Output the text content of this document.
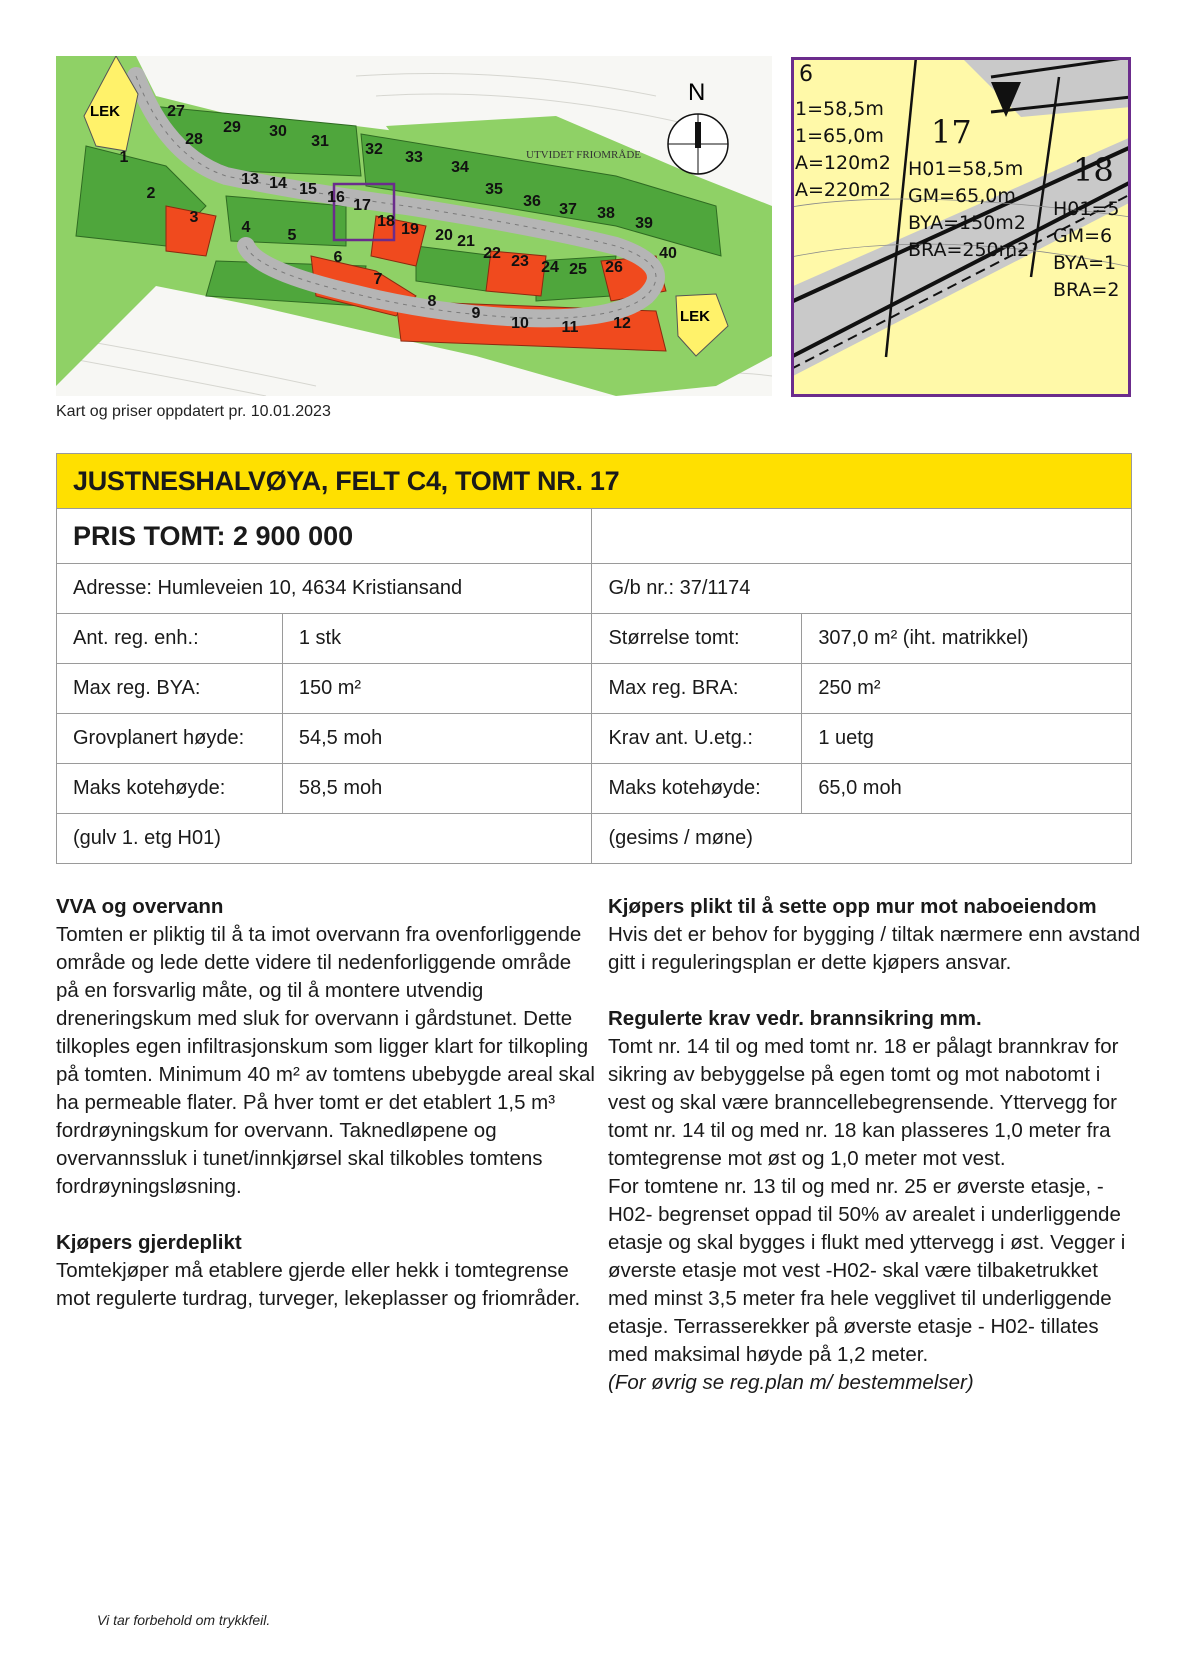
LEK
LEK
UTVIDET FRIOMRÅDE
N
1
2
4 5
13 14 15 16 17
19 20 21
24 25
27
28
29 30
31 32 33
34
35
36 37 38
39
40
3
6
7
8
9
10 11 12
18
22 23	26
6
1=58,5m
1=65,0m
A=120m2
A=220m2
17
H01=58,5m
GM=65,0m
BYA=150m2
BRA=250m2
18
H01=5
GM=6
BYA=1
BRA=2
Kart og priser oppdatert pr. 10.01.2023
JUSTNESHALVØYA, FELT C4, TOMT NR. 17			
PRIS TOMT: 2 900 000			
Adresse: Humleveien 10, 4634 Kristiansand		G/b nr.: 37/1174	
Ant. reg. enh.:	1 stk	Størrelse tomt:	307,0 m² (iht. matrikkel)
Max reg. BYA:	150 m²	Max reg. BRA:	250 m²
Grovplanert høyde:	54,5 moh	Krav ant. U.etg.:	1 uetg
Maks kotehøyde:	58,5 moh	Maks kotehøyde:	65,0 moh
(gulv 1. etg H01)		(gesims / møne)	
VVA og overvann

Tomten er pliktig til å ta imot overvann fra ovenforliggende område og lede dette videre til nedenforliggende område på en forsvarlig måte, og til å montere utvendig dreneringskum med sluk for overvann i gårdstunet. Dette tilkoples egen infiltrasjonskum som ligger klart for tilkopling på tomten. Minimum 40 m² av tomtens ubebygde areal skal ha permeable flater. På hver tomt er det etablert 1,5 m³ fordrøyningskum for overvann. Taknedløpene og overvannssluk i tunet/innkjørsel skal tilkobles tomtens fordrøyningsløsning.

Kjøpers gjerdeplikt

Tomtekjøper må etablere gjerde eller hekk i tomtegrense mot regulerte turdrag, turveger, lekeplasser og friområder.

Kjøpers plikt til å sette opp mur mot naboeiendom

Hvis det er behov for bygging / tiltak nærmere enn avstand gitt i reguleringsplan er dette kjøpers ansvar.

Regulerte krav vedr. brannsikring mm.

Tomt nr. 14 til og med tomt nr. 18 er pålagt brannkrav for sikring av bebyggelse på egen tomt og mot nabotomt i vest og skal være branncellebegrensende. Yttervegg for tomt nr. 14 til og med nr. 18 kan plasseres 1,0 meter fra tomtegrense mot øst og 1,0 meter mot vest.

For tomtene nr. 13 til og med nr. 25 er øverste etasje, -H02- begrenset oppad til 50% av arealet i underliggende etasje og skal bygges i flukt med yttervegg i øst. Vegger i øverste etasje mot vest -H02- skal være tilbaketrukket med minst 3,5 meter fra hele vegglivet til underliggende etasje. Terrasserekker på øverste etasje - H02- tillates med maksimal høyde på 1,2 meter.

(For øvrig se reg.plan m/ bestemmelser)

Vi tar forbehold om trykkfeil.
